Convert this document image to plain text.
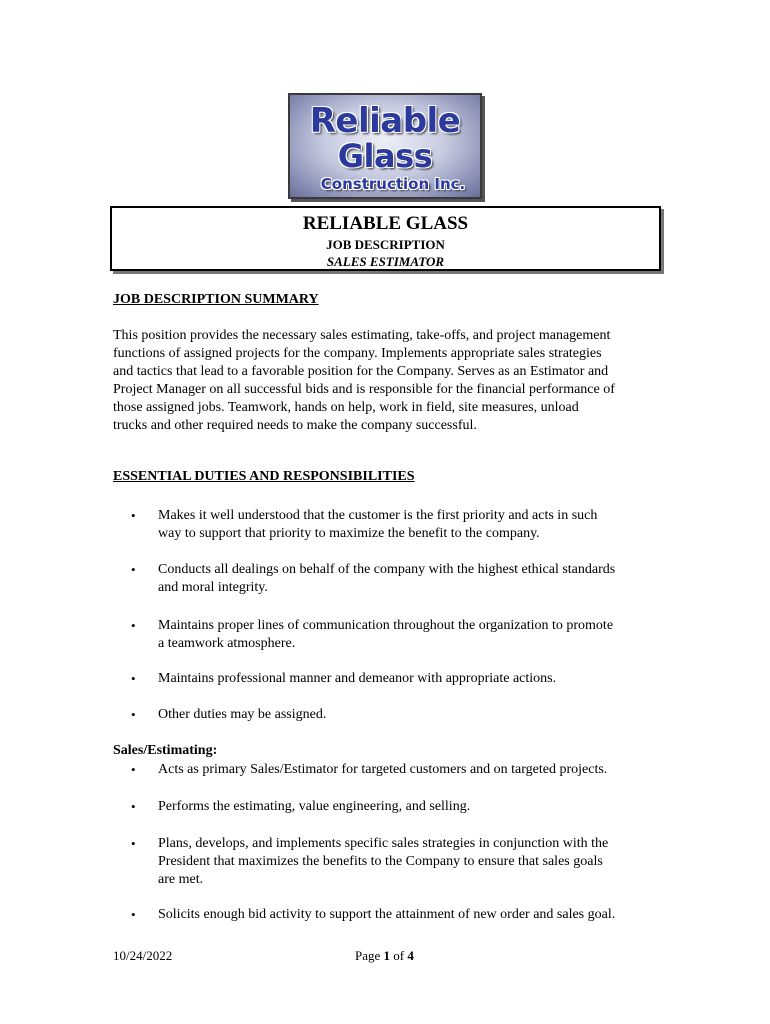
Reliable
Glass
Construction Inc.
RELIABLE GLASS
JOB DESCRIPTION
SALES ESTIMATOR
JOB DESCRIPTION SUMMARY
This position provides the necessary sales estimating, take-offs, and project management
functions of assigned projects for the company. Implements appropriate sales strategies
and tactics that lead to a favorable position for the Company. Serves as an Estimator and
Project Manager on all successful bids and is responsible for the financial performance of
those assigned jobs. Teamwork, hands on help, work in field, site measures, unload
trucks and other required needs to make the company successful.
ESSENTIAL DUTIES AND RESPONSIBILITIES
• Makes it well understood that the customer is the first priority and acts in such
way to support that priority to maximize the benefit to the company.
• Conducts all dealings on behalf of the company with the highest ethical standards
and moral integrity.
• Maintains proper lines of communication throughout the organization to promote
a teamwork atmosphere.
• Maintains professional manner and demeanor with appropriate actions.
• Other duties may be assigned.
Sales/Estimating:
• Acts as primary Sales/Estimator for targeted customers and on targeted projects.
• Performs the estimating, value engineering, and selling.
• Plans, develops, and implements specific sales strategies in conjunction with the
President that maximizes the benefits to the Company to ensure that sales goals
are met.
• Solicits enough bid activity to support the attainment of new order and sales goal.
10/24/2022	Page 1 of 4
